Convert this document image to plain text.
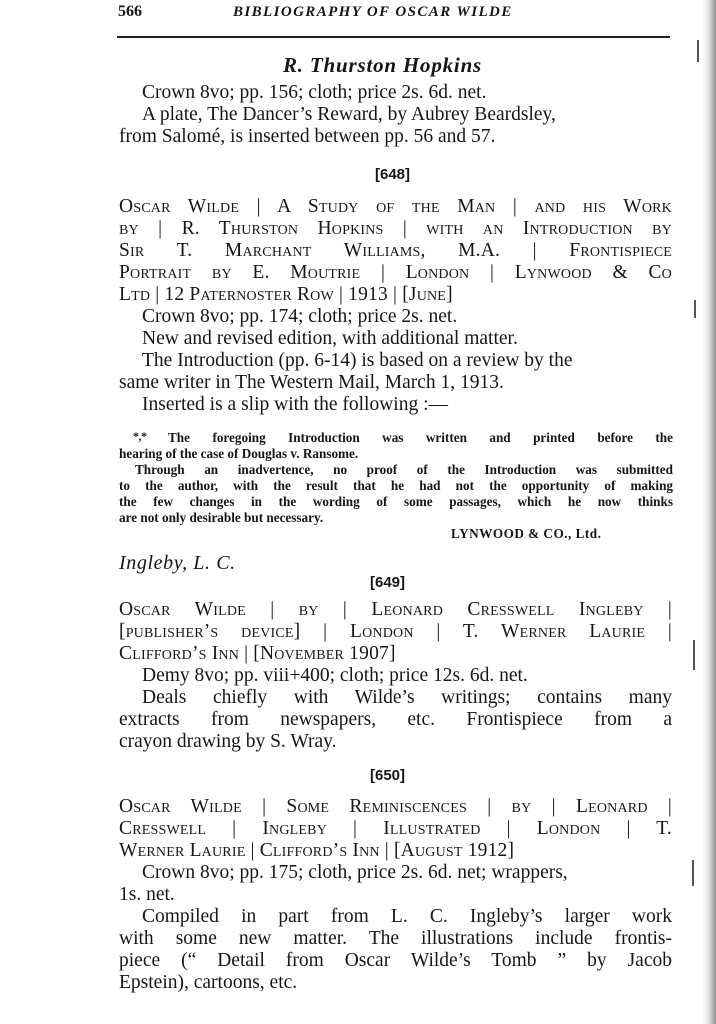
566	BIBLIOGRAPHY OF OSCAR WILDE
R. Thurston Hopkins
Crown 8vo; pp. 156; cloth; price 2s. 6d. net.
A plate, The Dancer’s Reward, by Aubrey Beardsley,
from Salomé, is inserted between pp. 56 and 57.
[648]
Oscar Wilde | A Study of the Man | and his Work
by | R. Thurston Hopkins | with an Introduction by
Sir T. Marchant Williams, M.A. | Frontispiece
Portrait by E. Moutrie | London | Lynwood & Co
Ltd | 12 Paternoster Row | 1913 | [June]
Crown 8vo; pp. 174; cloth; price 2s. net.
New and revised edition, with additional matter.
The Introduction (pp. 6-14) is based on a review by the
same writer in The Western Mail, March 1, 1913.
Inserted is a slip with the following :—
*‚* The foregoing Introduction was written and printed before the
hearing of the case of Douglas v. Ransome.
Through an inadvertence, no proof of the Introduction was submitted
to the author, with the result that he had not the opportunity of making
the few changes in the wording of some passages, which he now thinks
are not only desirable but necessary.
LYNWOOD & CO., Ltd.
Ingleby, L. C.
[649]
Oscar Wilde | by | Leonard Cresswell Ingleby |
[publisher’s device] | London | T. Werner Laurie |
Clifford’s Inn | [November 1907]
Demy 8vo; pp. viii+400; cloth; price 12s. 6d. net.
Deals chiefly with Wilde’s writings; contains many
extracts from newspapers, etc. Frontispiece from a
crayon drawing by S. Wray.
[650]
Oscar Wilde | Some Reminiscences | by | Leonard |
Cresswell | Ingleby | Illustrated | London | T.
Werner Laurie | Clifford’s Inn | [August 1912]
Crown 8vo; pp. 175; cloth, price 2s. 6d. net; wrappers,
1s. net.
Compiled in part from L. C. Ingleby’s larger work
with some new matter. The illustrations include frontis-
piece (“ Detail from Oscar Wilde’s Tomb ” by Jacob
Epstein), cartoons, etc.
